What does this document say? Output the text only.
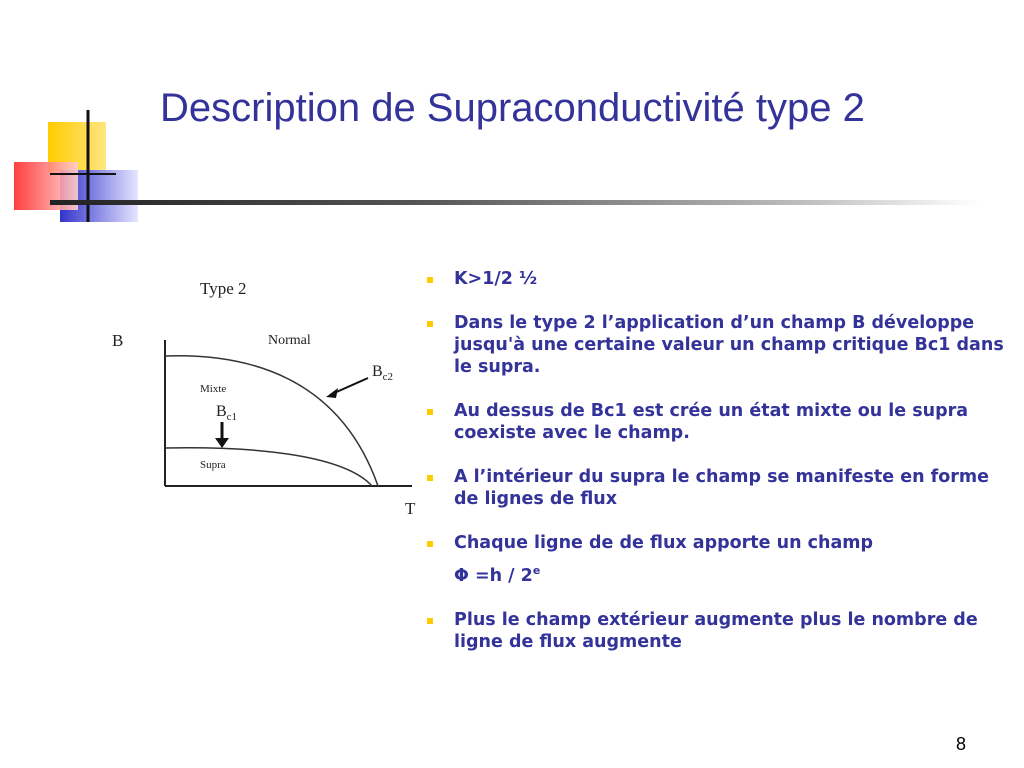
Description de Supraconductivité type 2
Type 2
B
T
Normal
Mixte
Supra
$B_{c2}$
$B_{c1}$
K>1/2 ½
Dans le type 2 l’application d’un champ B développe jusqu'à une certaine valeur un champ critique Bc1 dans le supra.
Au dessus de Bc1 est crée un état mixte ou le supra coexiste avec le champ.
A l’intérieur du supra le champ se manifeste en forme de lignes de flux
Chaque ligne de de flux apporte un champ
Φ =h / 2e
Plus le champ extérieur augmente plus le nombre de ligne de flux augmente
8
